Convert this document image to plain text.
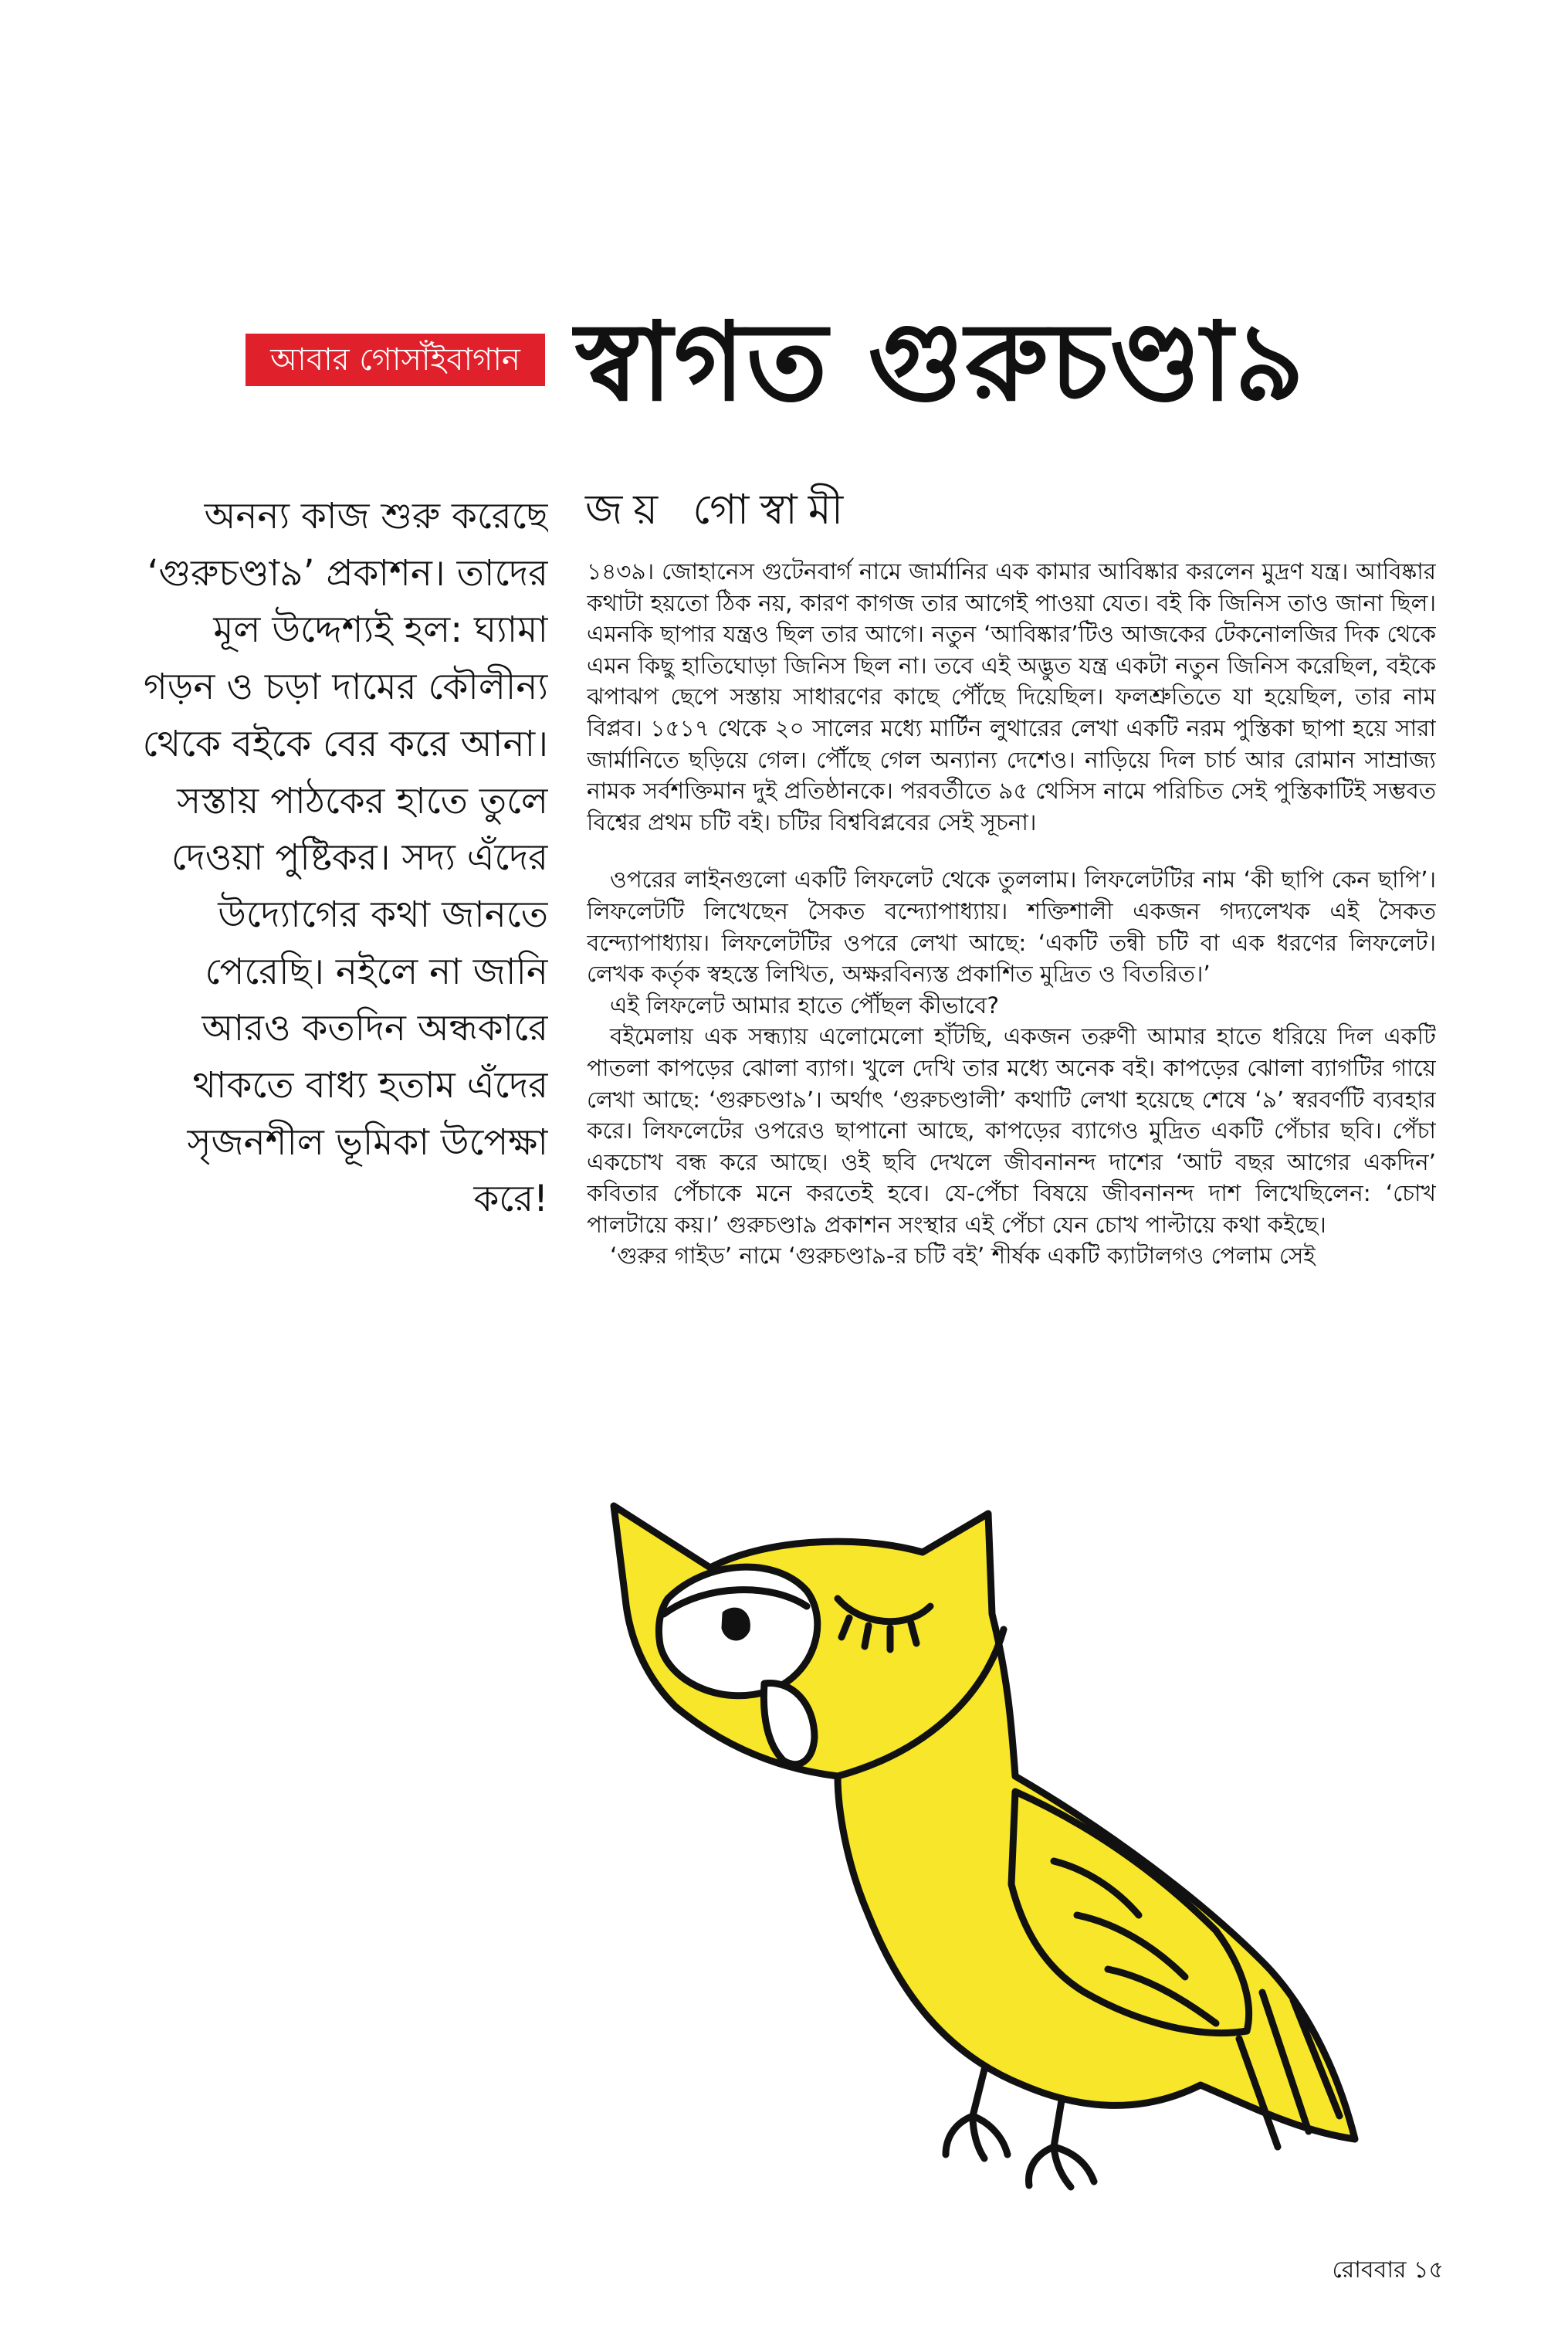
আবার গোসাঁইবাগান স্বাগত গুরুচণ্ডা৯
জয় গোস্বামী

অনন্য কাজ শুরু করেছে ‘গুরুচণ্ডা৯’ প্রকাশন। তাদের মূল উদ্দেশ্যই হল: ঘ্যামা গড়ন ও চড়া দামের কৌলীন্য থেকে বইকে বের করে আনা। সস্তায় পাঠকের হাতে তুলে দেওয়া পুষ্টিকর। সদ্য এঁদের উদ্যোগের কথা জানতে পেরেছি। নইলে না জানি আরও কতদিন অন্ধকারে থাকতে বাধ্য হতাম এঁদের সৃজনশীল ভূমিকা উপেক্ষা করে!

১৪৩৯। জোহানেস গুটেনবার্গ নামে জার্মানির এক কামার আবিষ্কার করলেন মুদ্রণ যন্ত্র। আবিষ্কার কথাটা হয়তো ঠিক নয়, কারণ কাগজ তার আগেই পাওয়া যেত। বই কি জিনিস তাও জানা ছিল। এমনকি ছাপার যন্ত্রও ছিল তার আগে। নতুন ‘আবিষ্কার’টিও আজকের টেকনোলজির দিক থেকে এমন কিছু হাতিঘোড়া জিনিস ছিল না। তবে এই অদ্ভুত যন্ত্র একটা নতুন জিনিস করেছিল, বইকে ঝপাঝপ ছেপে সস্তায় সাধারণের কাছে পৌঁছে দিয়েছিল। ফলশ্রুতিতে যা হয়েছিল, তার নাম বিপ্লব। ১৫১৭ থেকে ২০ সালের মধ্যে মার্টিন লুথারের লেখা একটি নরম পুস্তিকা ছাপা হয়ে সারা জার্মানিতে ছড়িয়ে গেল। পৌঁছে গেল অন্যান্য দেশেও। নাড়িয়ে দিল চার্চ আর রোমান সাম্রাজ্য নামক সর্বশক্তিমান দুই প্রতিষ্ঠানকে। পরবর্তীতে ৯৫ থেসিস নামে পরিচিত সেই পুস্তিকাটিই সম্ভবত বিশ্বের প্রথম চটি বই। চটির বিশ্ববিপ্লবের সেই সূচনা।

ওপরের লাইনগুলো একটি লিফলেট থেকে তুললাম। লিফলেটটির নাম ‘কী ছাপি কেন ছাপি’। লিফলেটটি লিখেছেন সৈকত বন্দ্যোপাধ্যায়। শক্তিশালী একজন গদ্যলেখক এই সৈকত বন্দ্যোপাধ্যায়। লিফলেটটির ওপরে লেখা আছে: ‘একটি তন্বী চটি বা এক ধরণের লিফলেট। লেখক কর্তৃক স্বহস্তে লিখিত, অক্ষরবিন্যস্ত প্রকাশিত মুদ্রিত ও বিতরিত।’

এই লিফলেট আমার হাতে পৌঁছল কীভাবে?

বইমেলায় এক সন্ধ্যায় এলোমেলো হাঁটছি, একজন তরুণী আমার হাতে ধরিয়ে দিল একটি পাতলা কাপড়ের ঝোলা ব্যাগ। খুলে দেখি তার মধ্যে অনেক বই। কাপড়ের ঝোলা ব্যাগটির গায়ে লেখা আছে: ‘গুরুচণ্ডা৯’। অর্থাৎ ‘গুরুচণ্ডালী’ কথাটি লেখা হয়েছে শেষে ‘৯’ স্বরবর্ণটি ব্যবহার করে। লিফলেটের ওপরেও ছাপানো আছে, কাপড়ের ব্যাগেও মুদ্রিত একটি পেঁচার ছবি। পেঁচা একচোখ বন্ধ করে আছে। ওই ছবি দেখলে জীবনানন্দ দাশের ‘আট বছর আগের একদিন’ কবিতার পেঁচাকে মনে করতেই হবে। যে-পেঁচা বিষয়ে জীবনানন্দ দাশ লিখেছিলেন: ‘চোখ পালটায়ে কয়।’ গুরুচণ্ডা৯ প্রকাশন সংস্থার এই পেঁচা যেন চোখ পাল্টায়ে কথা কইছে।

‘গুরুর গাইড’ নামে ‘গুরুচণ্ডা৯-র চটি বই’ শীর্ষক একটি ক্যাটালগও পেলাম সেই

রোববার ১৫
